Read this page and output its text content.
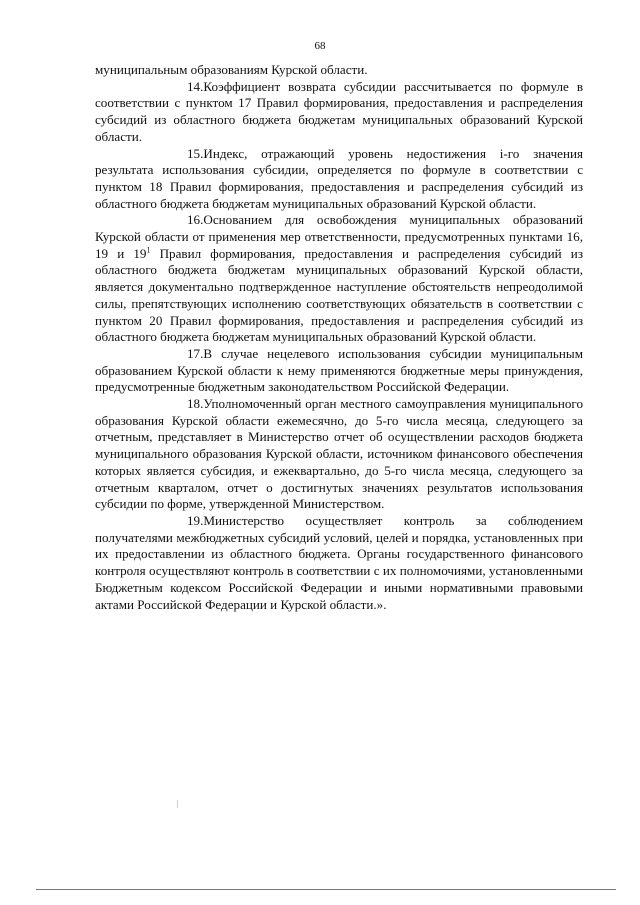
68

муниципальным образованиям Курской области.

14.Коэффициент возврата субсидии рассчитывается по формуле в соответствии с пунктом 17 Правил формирования, предоставления и распределения субсидий из областного бюджета бюджетам муниципальных образований Курской области.

15.Индекс, отражающий уровень недостижения i-го значения результата использования субсидии, определяется по формуле в соответствии с пунктом 18 Правил формирования, предоставления и распределения субсидий из областного бюджета бюджетам муниципальных образований Курской области.

16.Основанием для освобождения муниципальных образований Курской области от применения мер ответственности, предусмотренных пунктами 16, 19 и $19^1$ Правил формирования, предоставления и распределения субсидий из областного бюджета бюджетам муниципальных образований Курской области, является документально подтвержденное наступление обстоятельств непреодолимой силы, препятствующих исполнению соответствующих обязательств в соответствии с пунктом 20 Правил формирования, предоставления и распределения субсидий из областного бюджета бюджетам муниципальных образований Курской области.

17.В случае нецелевого использования субсидии муниципальным образованием Курской области к нему применяются бюджетные меры принуждения, предусмотренные бюджетным законодательством Российской Федерации.

18.Уполномоченный орган местного самоуправления муниципального образования Курской области ежемесячно, до 5-го числа месяца, следующего за отчетным, представляет в Министерство отчет об осуществлении расходов бюджета муниципального образования Курской области, источником финансового обеспечения которых является субсидия, и ежеквартально, до 5-го числа месяца, следующего за отчетным кварталом, отчет о достигнутых значениях результатов использования субсидии по форме, утвержденной Министерством.

19.Министерство осуществляет контроль за соблюдением получателями межбюджетных субсидий условий, целей и порядка, установленных при их предоставлении из областного бюджета. Органы государственного финансового контроля осуществляют контроль в соответствии с их полномочиями, установленными Бюджетным кодексом Российской Федерации и иными нормативными правовыми актами Российской Федерации и Курской области.».
